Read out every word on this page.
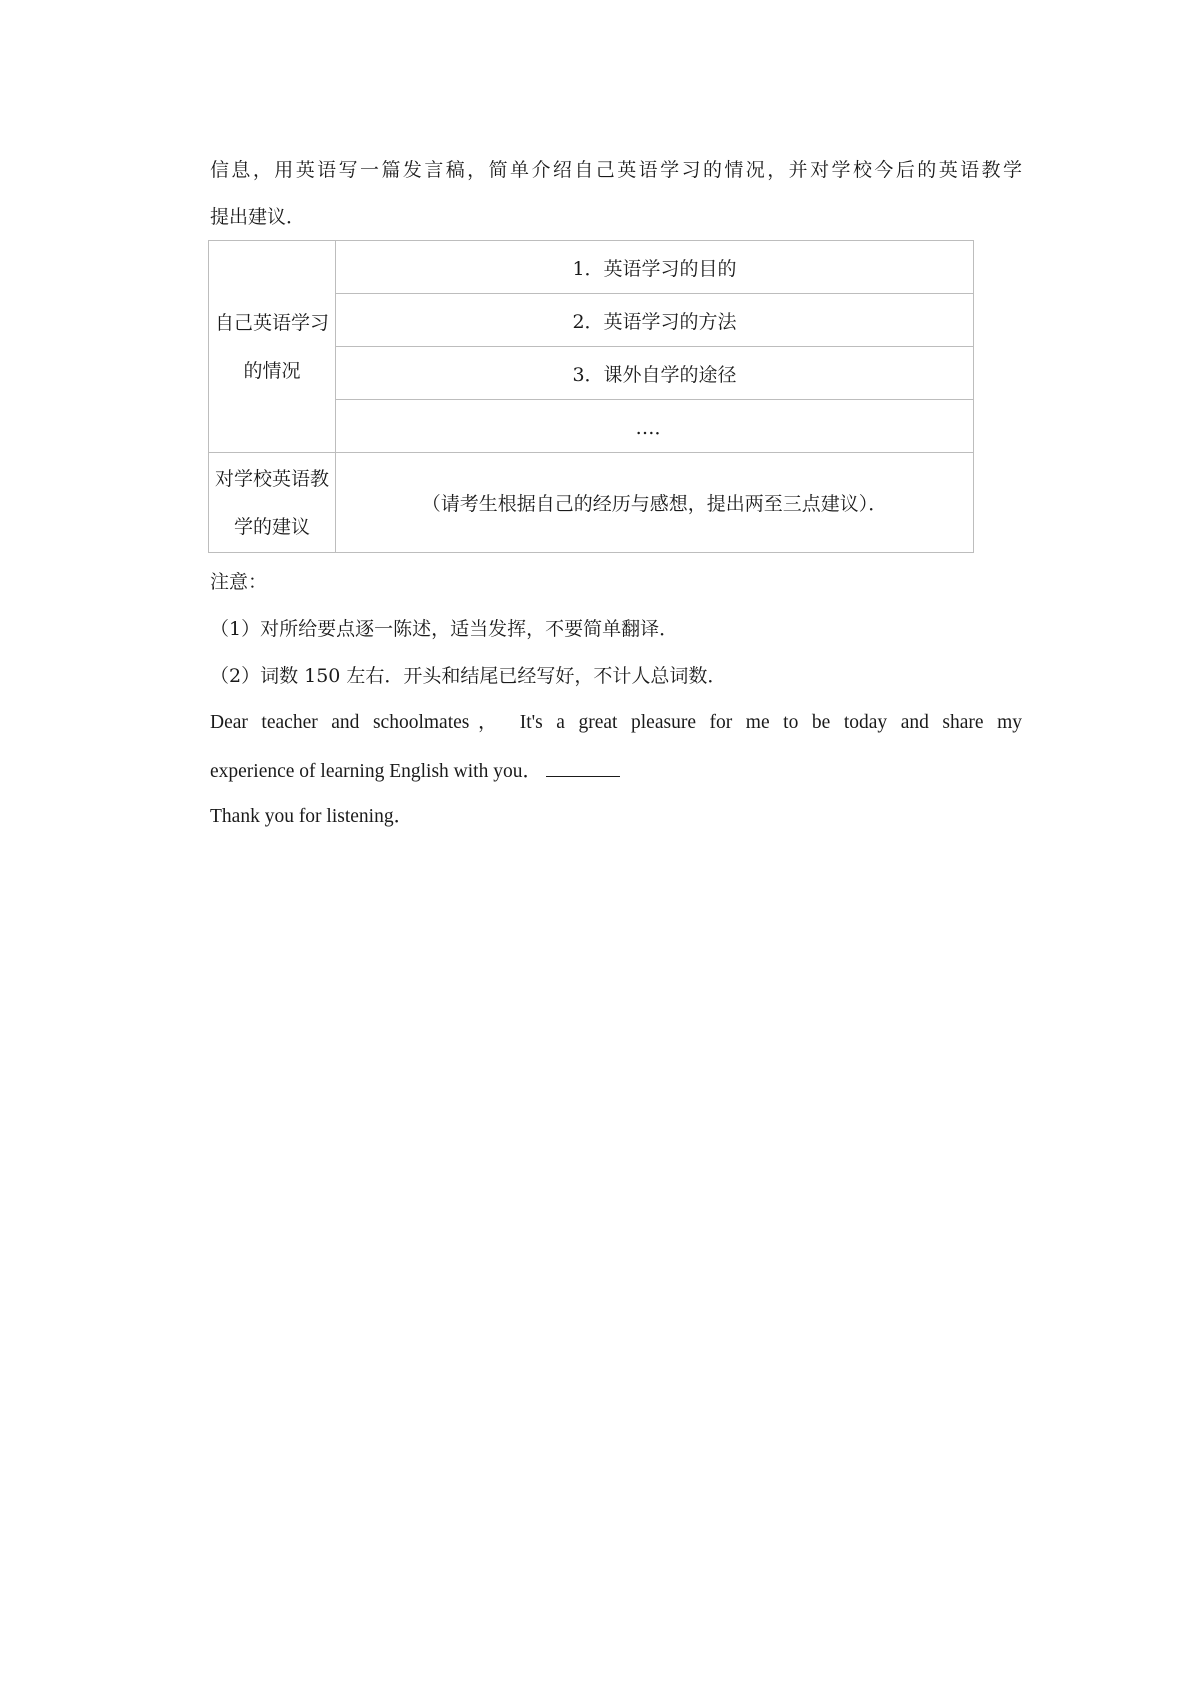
信息，用英语写一篇发言稿，简单介绍自己英语学习的情况，并对学校今后的英语教学
提出建议．
自己英语学习的情况	1．英语学习的目的
	2．英语学习的方法
	3．课外自学的途径
	…．
对学校英语教学的建议	（请考生根据自己的经历与感想，提出两至三点建议）．
注意：
（1）对所给要点逐一陈述，适当发挥，不要简单翻译．
（2）词数 150 左右．开头和结尾已经写好，不计人总词数．
Dear teacher and schoolmates， It's a great pleasure for me to be today and share my
experience of learning English with you．
Thank you for listening．
